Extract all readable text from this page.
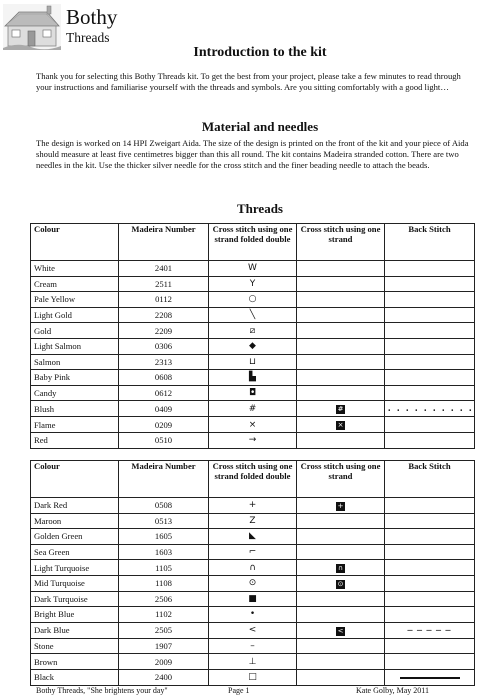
Bothy
Threads
Introduction to the kit
Thank you for selecting this Bothy Threads kit. To get the best from your project, please take a few minutes to read through your instructions and familiarise yourself with the threads and symbols. Are you sitting comfortably with a good light…
Material and needles
The design is worked on 14 HPI Zweigart Aida. The size of the design is printed on the front of the kit and your piece of Aida should measure at least five centimetres bigger than this all round. The kit contains Madeira stranded cotton. There are two needles in the kit. Use the thicker silver needle for the cross stitch and the finer beading needle to attach the beads.
Threads
Colour	Madeira Number	Cross stitch using one strand folded double	Cross stitch using one strand	Back Stitch
White	2401	W		
Cream	2511	Y		
Pale Yellow	0112	○		
Light Gold	2208	╲		
Gold	2209	⧄		
Light Salmon	0306	◆		
Salmon	2313	⊔		
Baby Pink	0608	▙		
Candy	0612	◘		
Blush	0409	#	#	. . . . . . . . . .
Flame	0209	×	×	
Red	0510	→		
Colour	Madeira Number	Cross stitch using one strand folded double	Cross stitch using one strand	Back Stitch
Dark Red	0508	+	+	
Maroon	0513	Z		
Golden Green	1605	◣		
Sea Green	1603	⌐		
Light Turquoise	1105	∩	∩	
Mid Turquoise	1108	⊙	⊙	
Dark Turquoise	2506	■		
Bright Blue	1102	•		
Dark Blue	2505	<	<	– – – – –
Stone	1907	–		
Brown	2009	⊥		
Black	2400	□		
Bothy Threads, "She brightens your day"	Page 1	Kate Golby, May 2011
